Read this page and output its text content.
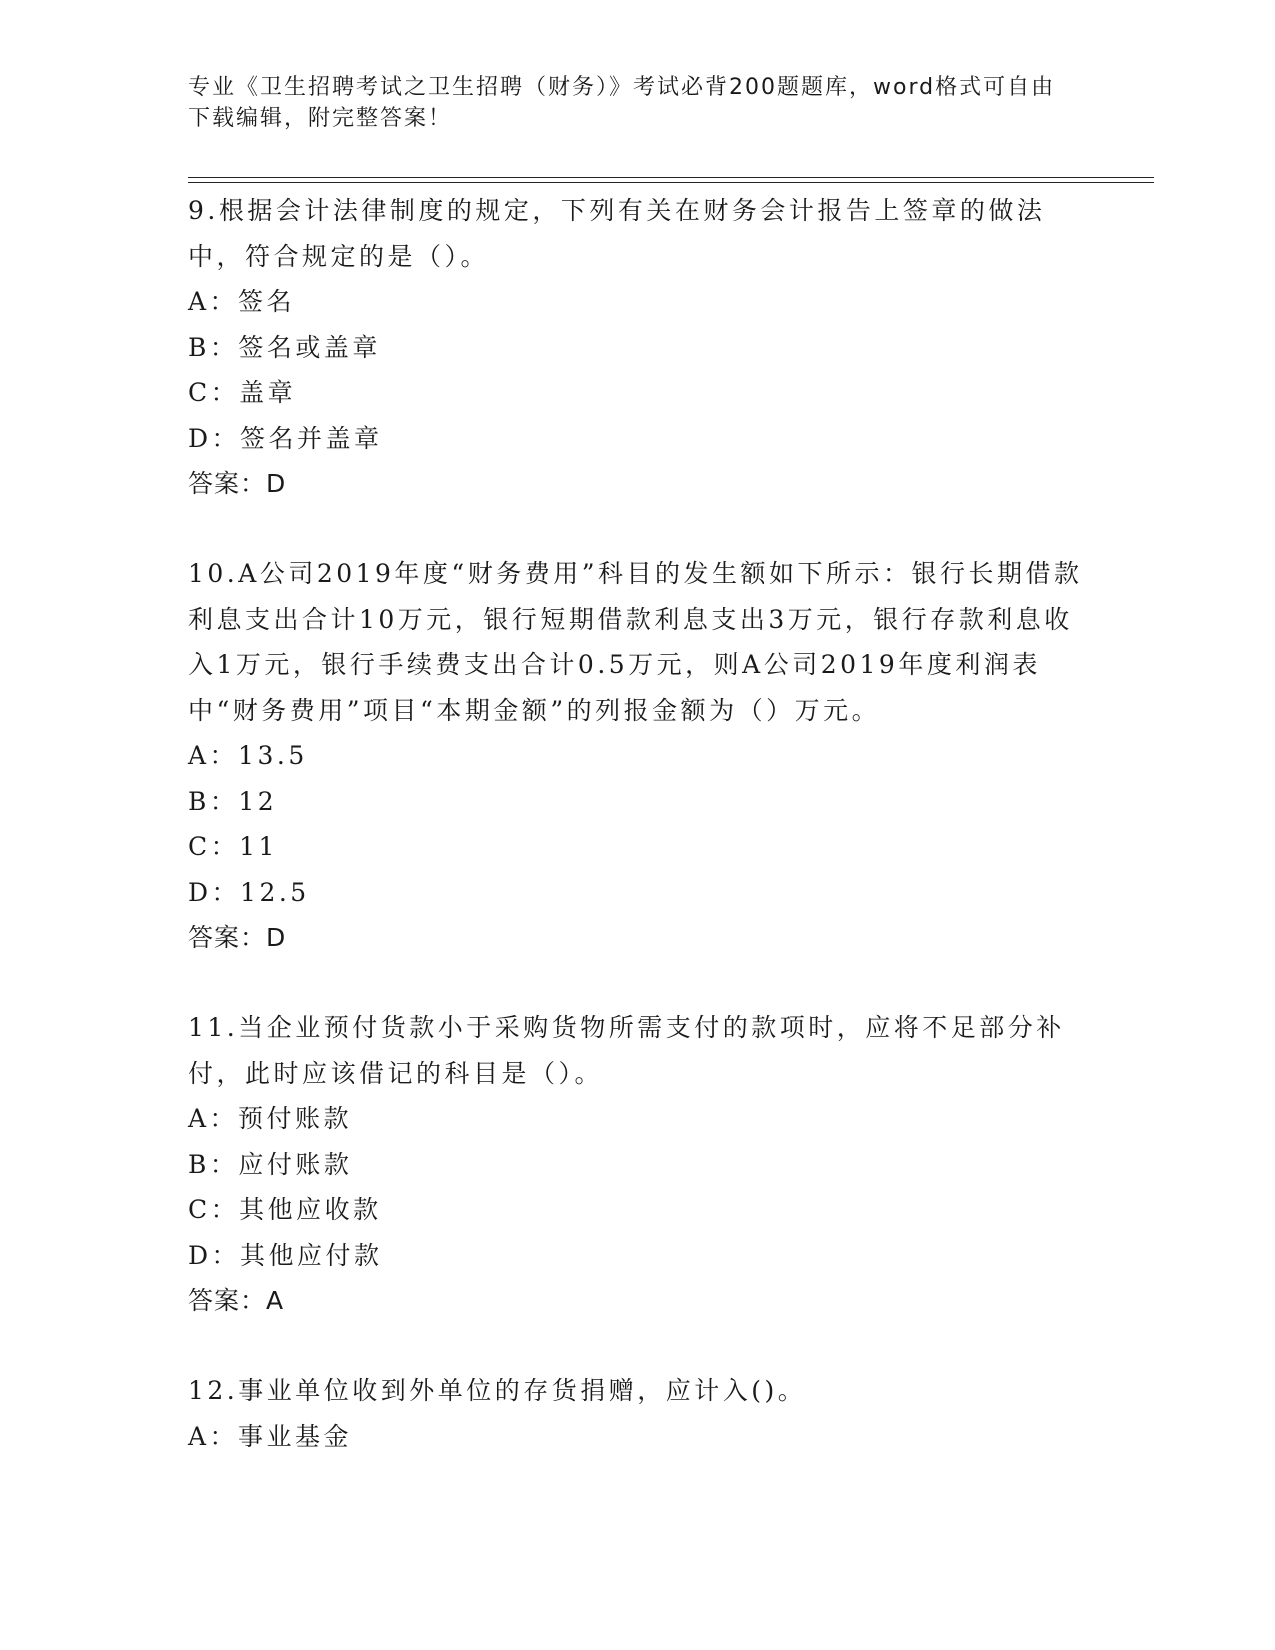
专业《卫生招聘考试之卫生招聘（财务）》考试必背200题题库，word格式可自由下载编辑，附完整答案！

9.根据会计法律制度的规定，下列有关在财务会计报告上签章的做法中，符合规定的是（）。

A：签名

B：签名或盖章

C：盖章

D：签名并盖章

答案：D

10.A公司2019年度“财务费用”科目的发生额如下所示：银行长期借款利息支出合计10万元，银行短期借款利息支出3万元，银行存款利息收入1万元，银行手续费支出合计0.5万元，则A公司2019年度利润表中“财务费用”项目“本期金额”的列报金额为（）万元。

A：13.5

B：12

C：11

D：12.5

答案：D

11.当企业预付货款小于采购货物所需支付的款项时，应将不足部分补付，此时应该借记的科目是（）。

A：预付账款

B：应付账款

C：其他应收款

D：其他应付款

答案：A

12.事业单位收到外单位的存货捐赠，应计入()。

A：事业基金
